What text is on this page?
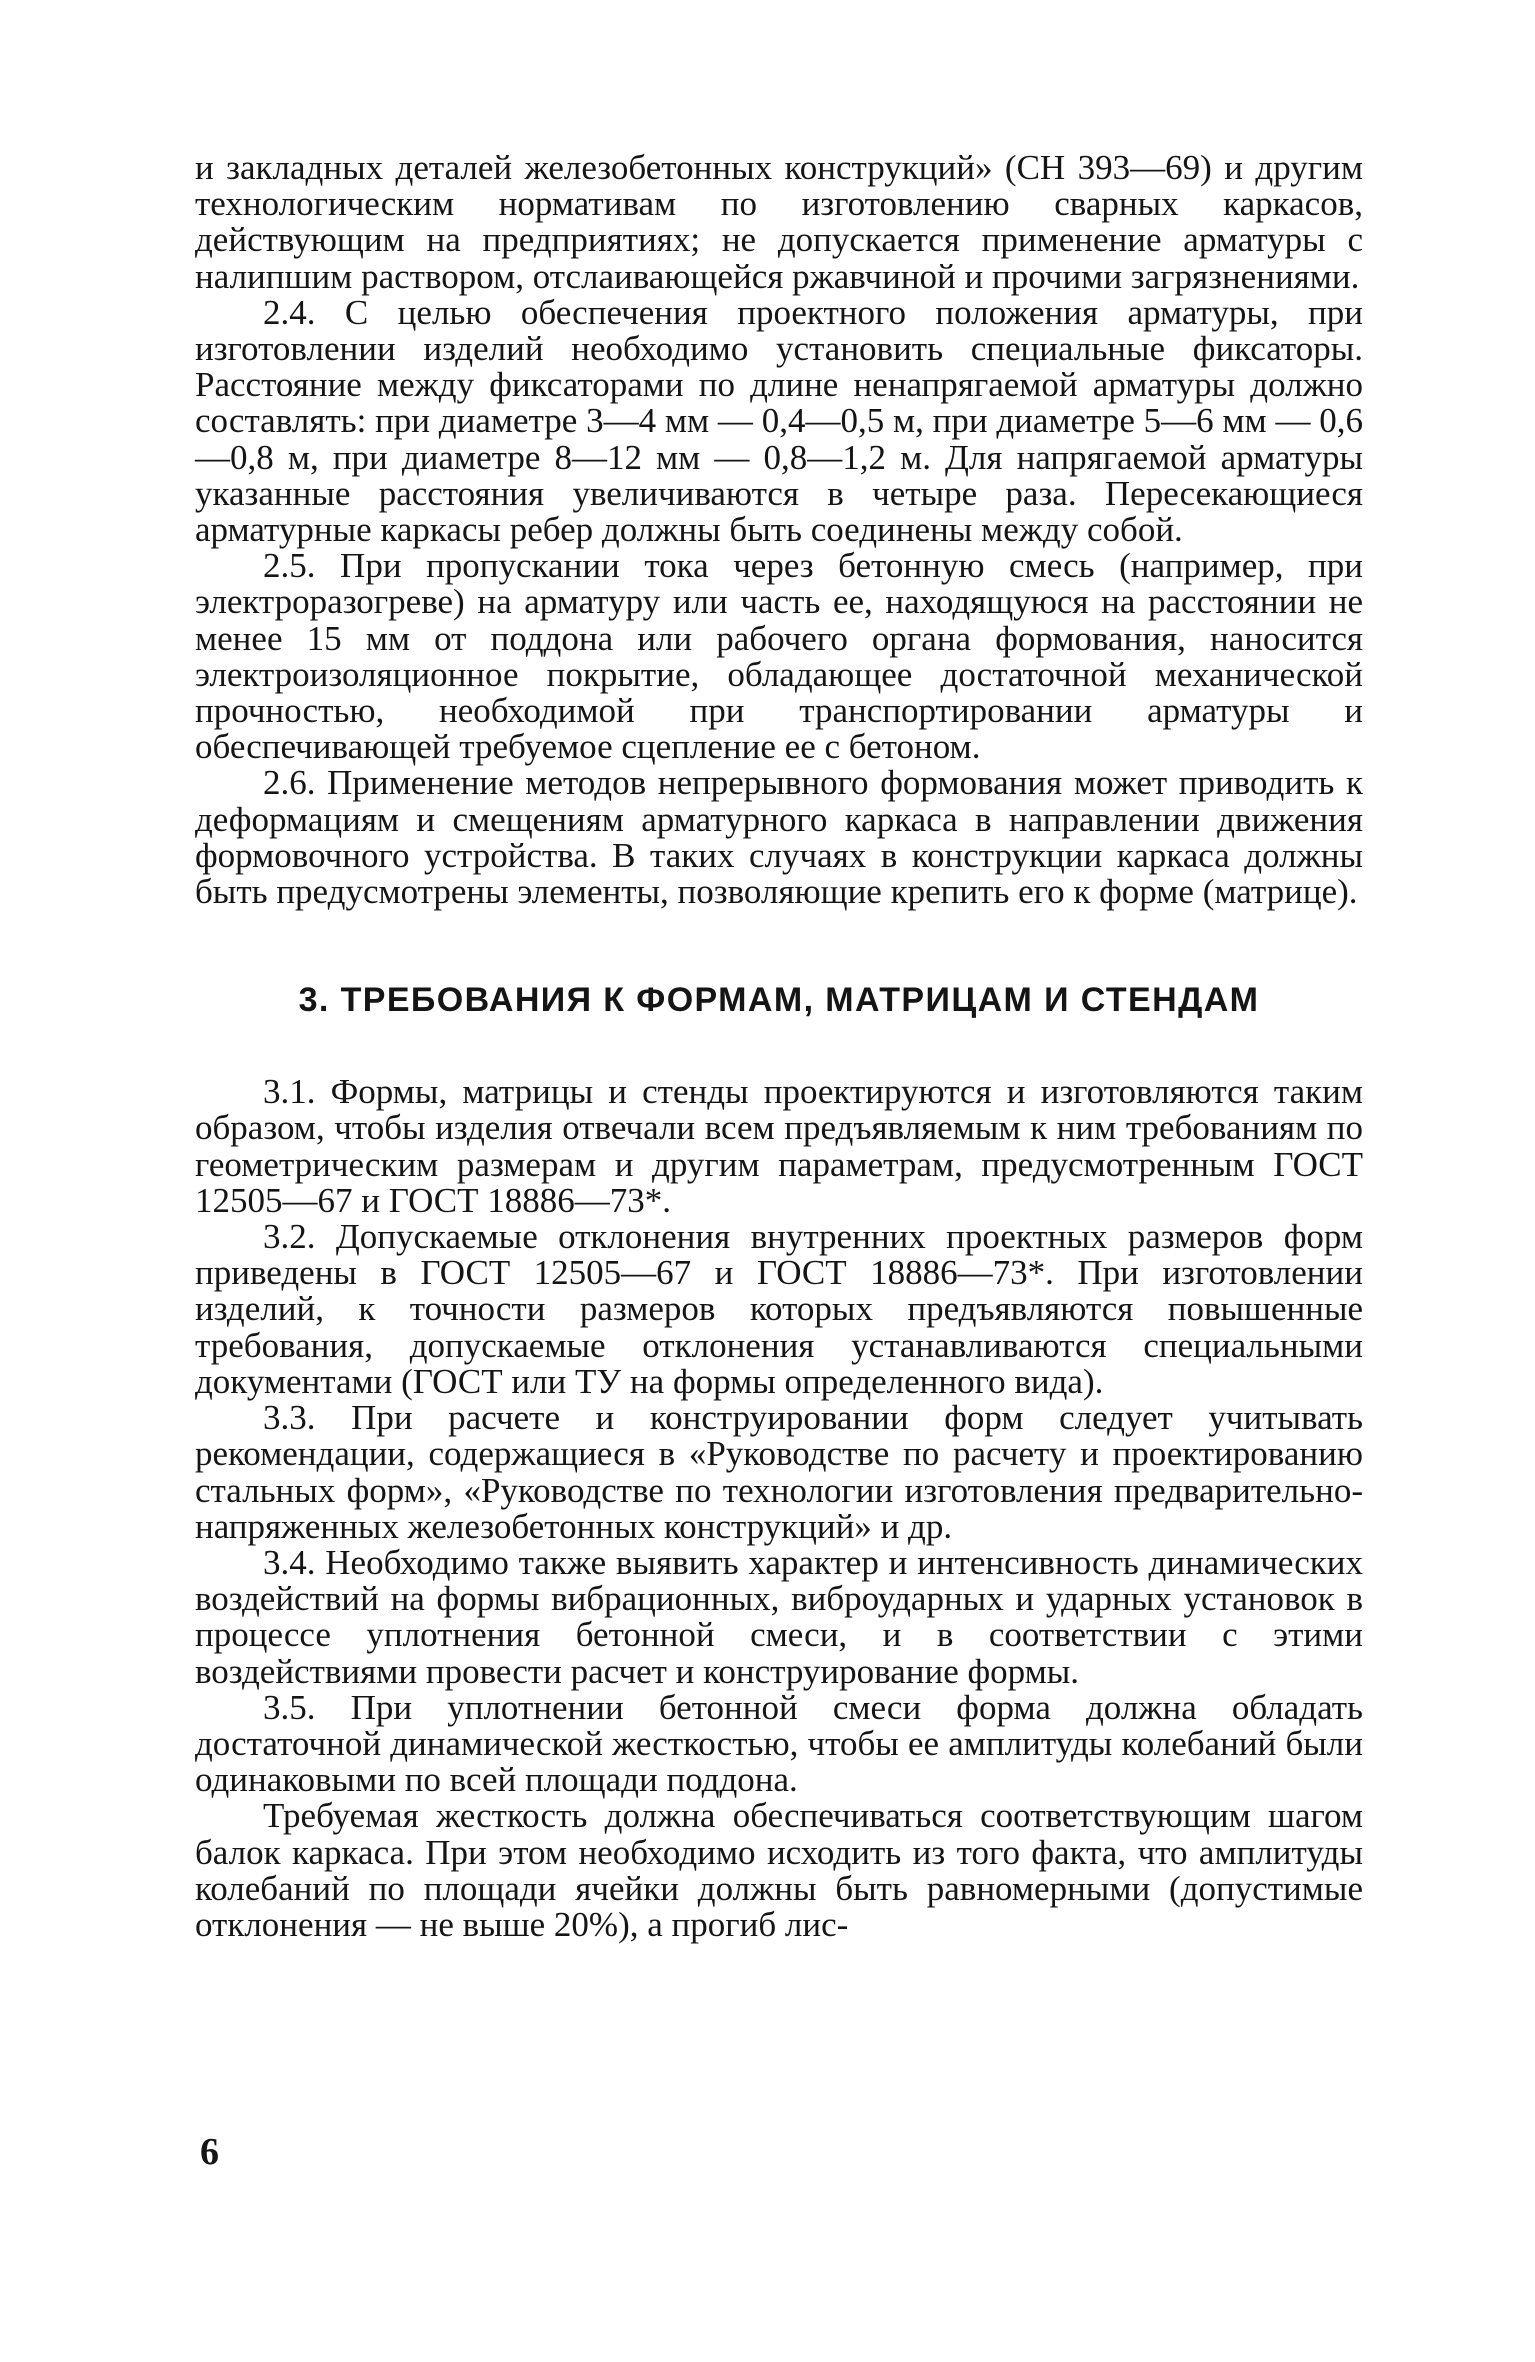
и закладных деталей железобетонных конструкций» (СН 393—69) и другим технологическим нормативам по изготовлению сварных каркасов, действующим на предприятиях; не допускается применение арматуры с налипшим раствором, отслаивающейся ржавчиной и прочими загрязнениями.

2.4. С целью обеспечения проектного положения арматуры, при изготовлении изделий необходимо установить специальные фиксаторы. Расстояние между фиксаторами по длине ненапрягаемой арматуры должно составлять: при диаметре 3—4 мм — 0,4—0,5 м, при диаметре 5—6 мм — 0,6—0,8 м, при диаметре 8—12 мм — 0,8—1,2 м. Для напрягаемой арматуры указанные расстояния увеличиваются в четыре раза. Пересекающиеся арматурные каркасы ребер должны быть соединены между собой.

2.5. При пропускании тока через бетонную смесь (например, при электроразогреве) на арматуру или часть ее, находящуюся на расстоянии не менее 15 мм от поддона или рабочего органа формования, наносится электроизоляционное покрытие, обладающее достаточной механической прочностью, необходимой при транспортировании арматуры и обеспечивающей требуемое сцепление ее с бетоном.

2.6. Применение методов непрерывного формования может приводить к деформациям и смещениям арматурного каркаса в направлении движения формовочного устройства. В таких случаях в конструкции каркаса должны быть предусмотрены элементы, позволяющие крепить его к форме (матрице).

3. ТРЕБОВАНИЯ К ФОРМАМ, МАТРИЦАМ И СТЕНДАМ

3.1. Формы, матрицы и стенды проектируются и изготовляются таким образом, чтобы изделия отвечали всем предъявляемым к ним требованиям по геометрическим размерам и другим параметрам, предусмотренным ГОСТ 12505—67 и ГОСТ 18886—73*.

3.2. Допускаемые отклонения внутренних проектных размеров форм приведены в ГОСТ 12505—67 и ГОСТ 18886—73*. При изготовлении изделий, к точности размеров которых предъявляются повышенные требования, допускаемые отклонения устанавливаются специальными документами (ГОСТ или ТУ на формы определенного вида).

3.3. При расчете и конструировании форм следует учитывать рекомендации, содержащиеся в «Руководстве по расчету и проектированию стальных форм», «Руководстве по технологии изготовления предварительно-напряженных железобетонных конструкций» и др.

3.4. Необходимо также выявить характер и интенсивность динамических воздействий на формы вибрационных, виброударных и ударных установок в процессе уплотнения бетонной смеси, и в соответствии с этими воздействиями провести расчет и конструирование формы.

3.5. При уплотнении бетонной смеси форма должна обладать достаточной динамической жесткостью, чтобы ее амплитуды колебаний были одинаковыми по всей площади поддона.

Требуемая жесткость должна обеспечиваться соответствующим шагом балок каркаса. При этом необходимо исходить из того факта, что амплитуды колебаний по площади ячейки должны быть равномерными (допустимые отклонения — не выше 20%), а прогиб лис-

6
